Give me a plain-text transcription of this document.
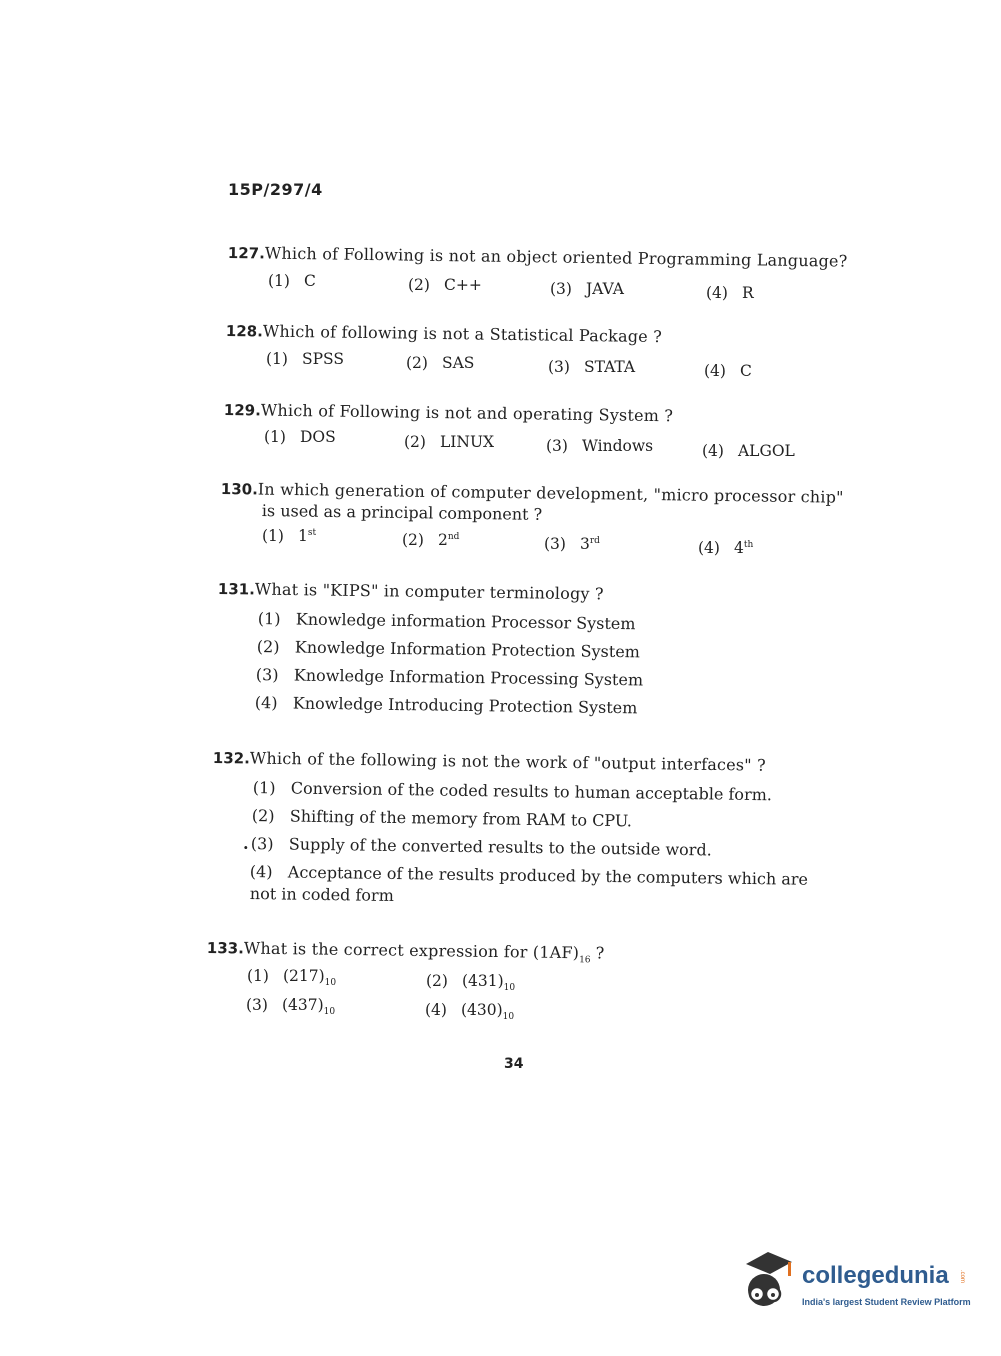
15P/297/4
127.Which of Following is not an object oriented Programming Language?
(1) C	(2) C++	(3) JAVA	(4) R
128.Which of following is not a Statistical Package ?
(1) SPSS	(2) SAS	(3) STATA	(4) C
129.Which of Following is not and operating System ?
(1) DOS	(2) LINUX	(3) Windows	(4) ALGOL
130.In which generation of computer development, "micro processor chip"
is used as a principal component ?
(1) 1st	(2) 2nd	(3) 3rd	(4) 4th
131.What is "KIPS" in computer terminology ?
(1) Knowledge information Processor System
(2) Knowledge Information Protection System
(3) Knowledge Information Processing System
(4) Knowledge Introducing Protection System
132.Which of the following is not the work of "output interfaces" ?
(1) Conversion of the coded results to human acceptable form.
(2) Shifting of the memory from RAM to CPU.
. (3) Supply of the converted results to the outside word.
(4) Acceptance of the results produced by the computers which are
not in coded form
133.What is the correct expression for $(1AF)_{16}$ ?
(1) $(217)_{10}$	(2) $(431)_{10}$
(3) $(437)_{10}$	(4) $(430)_{10}$
34
collegedunia .com
India's largest Student Review Platform
